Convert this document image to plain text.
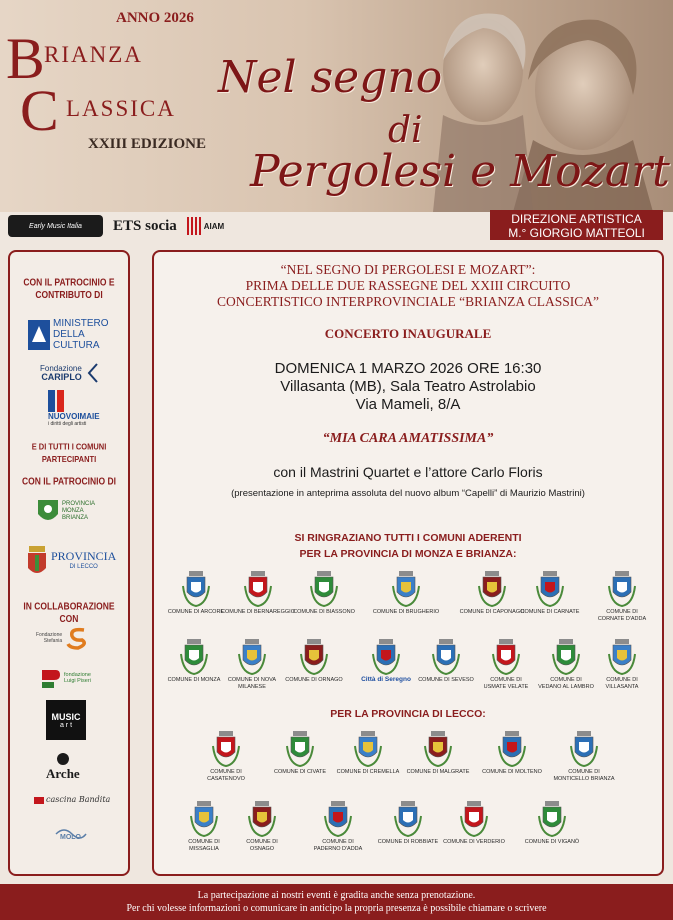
ANNO 2026
B RIANZA
C LASSICA
XXIII EDIZIONE
Nel segno
di
Pergolesi e Mozart
Early Music Italia	ETS socia	AIAM	DIREZIONE ARTISTICA
M.° GIORGIO MATTEOLI
CON IL PATROCINIO E CONTRIBUTO DI
MINISTERO
DELLA
CULTURA
Fondazione
CARIPLO
NUOVOIMAIE
i diritti degli artisti
E DI TUTTI I COMUNI PARTECIPANTI
CON IL PATROCINIO DI
PROVINCIA
MONZA
BRIANZA
PROVINCIA
DI LECCO
IN COLLABORAZIONE CON
Fondazione
Stefania
fondazione
Luigi Piseri
MUSIC
a r t
Arche
cascina Bandita
MOLO
“NEL SEGNO DI PERGOLESI E MOZART”:
PRIMA DELLE DUE RASSEGNE DEL XXIII CIRCUITO
CONCERTISTICO INTERPROVINCIALE “BRIANZA CLASSICA”
CONCERTO INAUGURALE
DOMENICA 1 MARZO 2026 ORE 16:30
Villasanta (MB), Sala Teatro Astrolabio
Via Mameli, 8/A
“MIA CARA AMATISSIMA”
con il Mastrini Quartet e l’attore Carlo Floris
(presentazione in anteprima assoluta del nuovo album “Capelli” di Maurizio Mastrini)
SI RINGRAZIANO TUTTI I COMUNI ADERENTI
PER LA PROVINCIA DI MONZA E BRIANZA:
PER LA PROVINCIA DI LECCO:
COMUNE DI ARCORE
COMUNE DI BERNAREGGIO
COMUNE DI BIASSONO	COMUNE DI BRUGHERIO	COMUNE DI CAPONAGO
COMUNE DI CARNATE	COMUNE DI
CORNATE D'ADDA
COMUNE DI MONZA	COMUNE DI NOVA
MILANESE
COMUNE DI ORNAGO	Città di Seregno	COMUNE DI SEVESO	COMUNE DI
USMATE VELATE
COMUNE DI
VEDANO AL LAMBRO
COMUNE DI
VILLASANTA
COMUNE DI
CASATENOVO
COMUNE DI CIVATE	COMUNE DI CREMELLA	COMUNE DI MALGRATE	COMUNE DI MOLTENO	COMUNE DI
MONTICELLO BRIANZA
COMUNE DI
MISSAGLIA
COMUNE DI
OSNAGO
COMUNE DI
PADERNO D'ADDA
COMUNE DI ROBBIATE COMUNE DI VERDERIO	COMUNE DI VIGANÒ
La partecipazione ai nostri eventi è gradita anche senza prenotazione.
Per chi volesse informazioni o comunicare in anticipo la propria presenza è possibile chiamare o scrivere
